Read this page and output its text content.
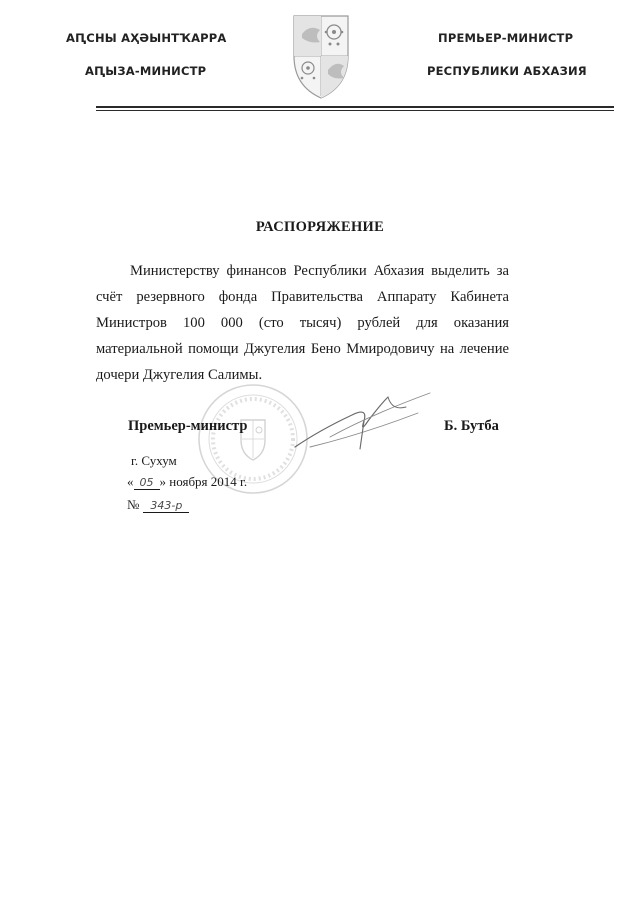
АԤСНЫ АҲӘЫНТҠАРРА
АԤЫЗА-МИНИСТР
ПРЕМЬЕР-МИНИСТР
РЕСПУБЛИКИ АБХАЗИЯ
РАСПОРЯЖЕНИЕ
Министерству финансов Республики Абхазия выделить за счёт резервного фонда Правительства Аппарату Кабинета Министров 100 000 (сто тысяч) рублей для оказания материальной помощи Джугелия Бено Ммиродовичу на лечение дочери Джугелия Салимы.
Премьер-министр	Б. Бутба
г. Сухум
« 05 » ноября 2014 г.
№ 343-р
